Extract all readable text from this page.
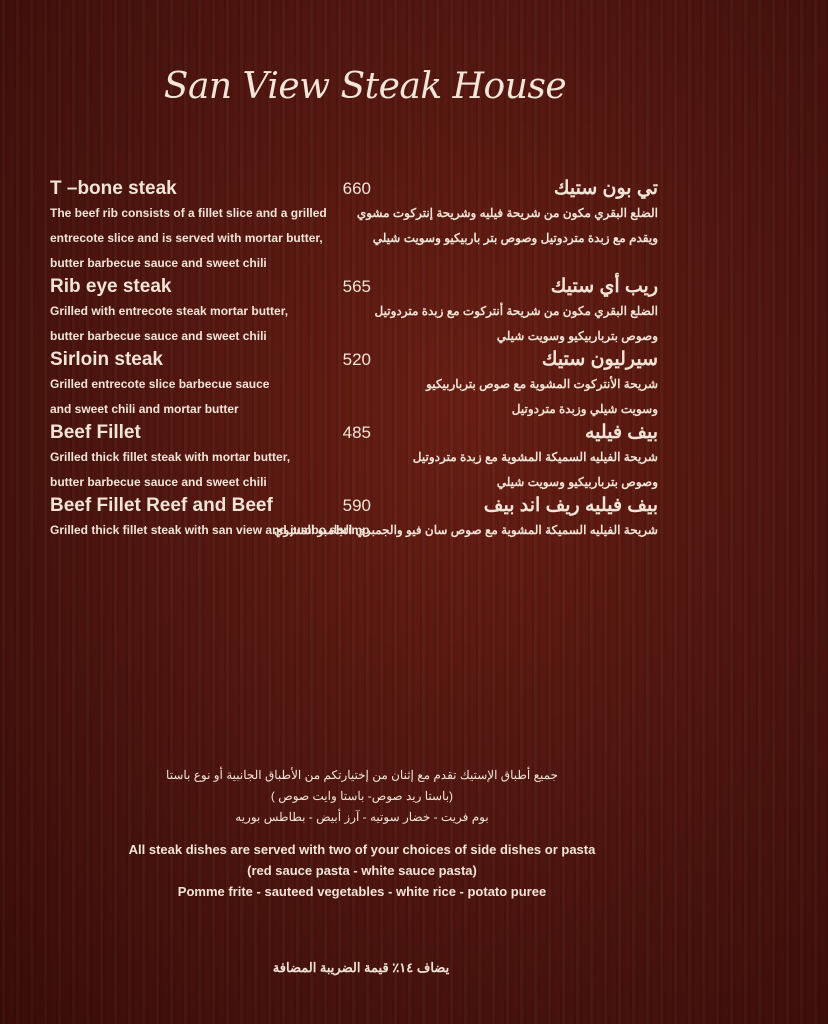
San View Steak House
T –bone steak	660	تي بون ستيك
The beef rib consists of a fillet slice and a grilled	الضلع البقري مكون من شريحة فيليه وشريحة إنتركوت مشوي
entrecote slice and is served with mortar butter,	ويقدم مع زبدة متردوتيل وصوص بتر باربيكيو وسويت شيلي
butter barbecue sauce and sweet chili
Rib eye steak	565	ريب أي ستيك
Grilled with entrecote steak mortar butter,	الضلع البقري مكون من شريحة أنتركوت مع زبدة متردوتيل
butter barbecue sauce and sweet chili	وصوص بترباربيكيو وسويت شيلي
Sirloin steak	520	سيرليون ستيك
Grilled entrecote slice barbecue sauce	شريحة الأنتركوت المشوية مع صوص بترباربيكيو
and sweet chili and mortar butter	وسويت شيلي وزبدة متردوتيل
Beef Fillet	485	بيف فيليه
Grilled thick fillet steak with mortar butter,	شريحة الفيليه السميكة المشوية مع زبدة متردوتيل
butter barbecue sauce and sweet chili	وصوص بترباربيكيو وسويت شيلي
Beef Fillet Reef and Beef	590	بيف فيليه ريف اند بيف
Grilled thick fillet steak with san view and jumbo shrimp
شريحة الفيليه السميكة المشوية مع صوص سان فيو والجمبري الجامبو المشوي
جميع أطباق الإستيك تقدم مع إثنان من إختيارتكم من الأطباق الجانبية أو نوع باستا
(باستا ريد صوص- باستا وايت صوص )
بوم فريت - خضار سوتيه - آرز أبيض - بطاطس بوريه
All steak dishes are served with two of your choices of side dishes or pasta
(red sauce pasta - white sauce pasta)
Pomme frite - sauteed vegetables - white rice - potato puree
يضاف ١٤٪ قيمة الضريبة المضافة
